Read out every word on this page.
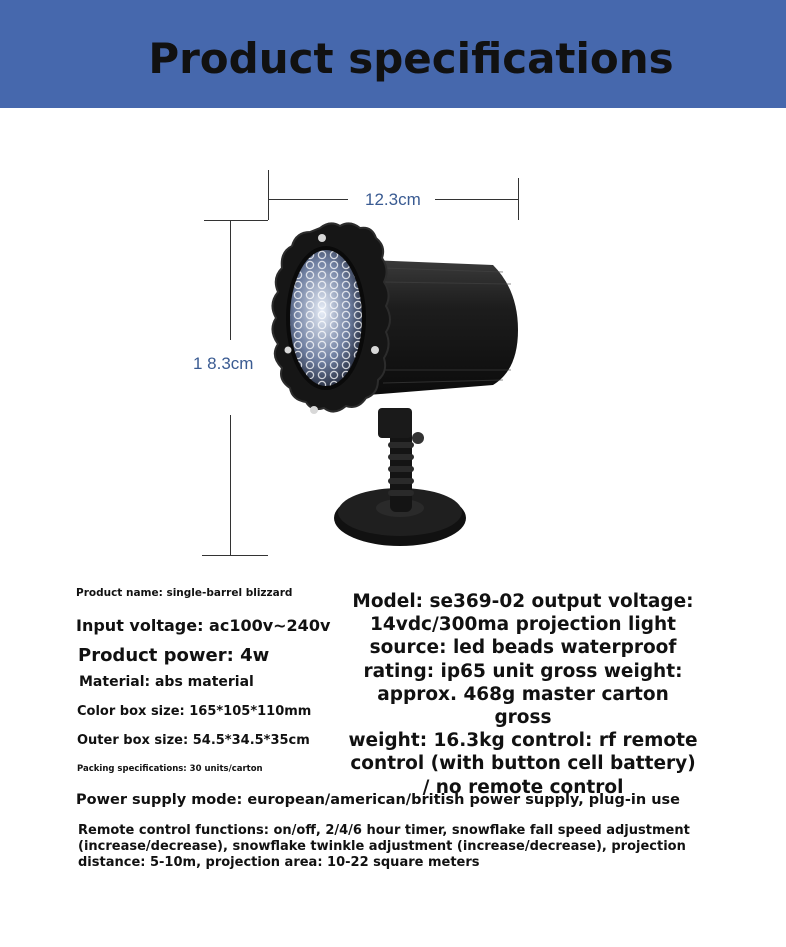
Product specifications
12.3cm
1 8.3cm
Product name: single-barrel blizzard
Input voltage: ac100v~240v
Product power: 4w
Material: abs material
Color box size: 165*105*110mm
Outer box size: 54.5*34.5*35cm
Packing specifications: 30 units/carton
Model: se369-02 output voltage:
14vdc/300ma projection light
source: led beads waterproof
rating: ip65 unit gross weight:
approx. 468g master carton gross
weight: 16.3kg control: rf remote
control (with button cell battery)
/ no remote control
Power supply mode: european/american/british power supply, plug-in use
Remote control functions: on/off, 2/4/6 hour timer, snowflake fall speed adjustment
(increase/decrease), snowflake twinkle adjustment (increase/decrease), projection
distance: 5-10m, projection area: 10-22 square meters
